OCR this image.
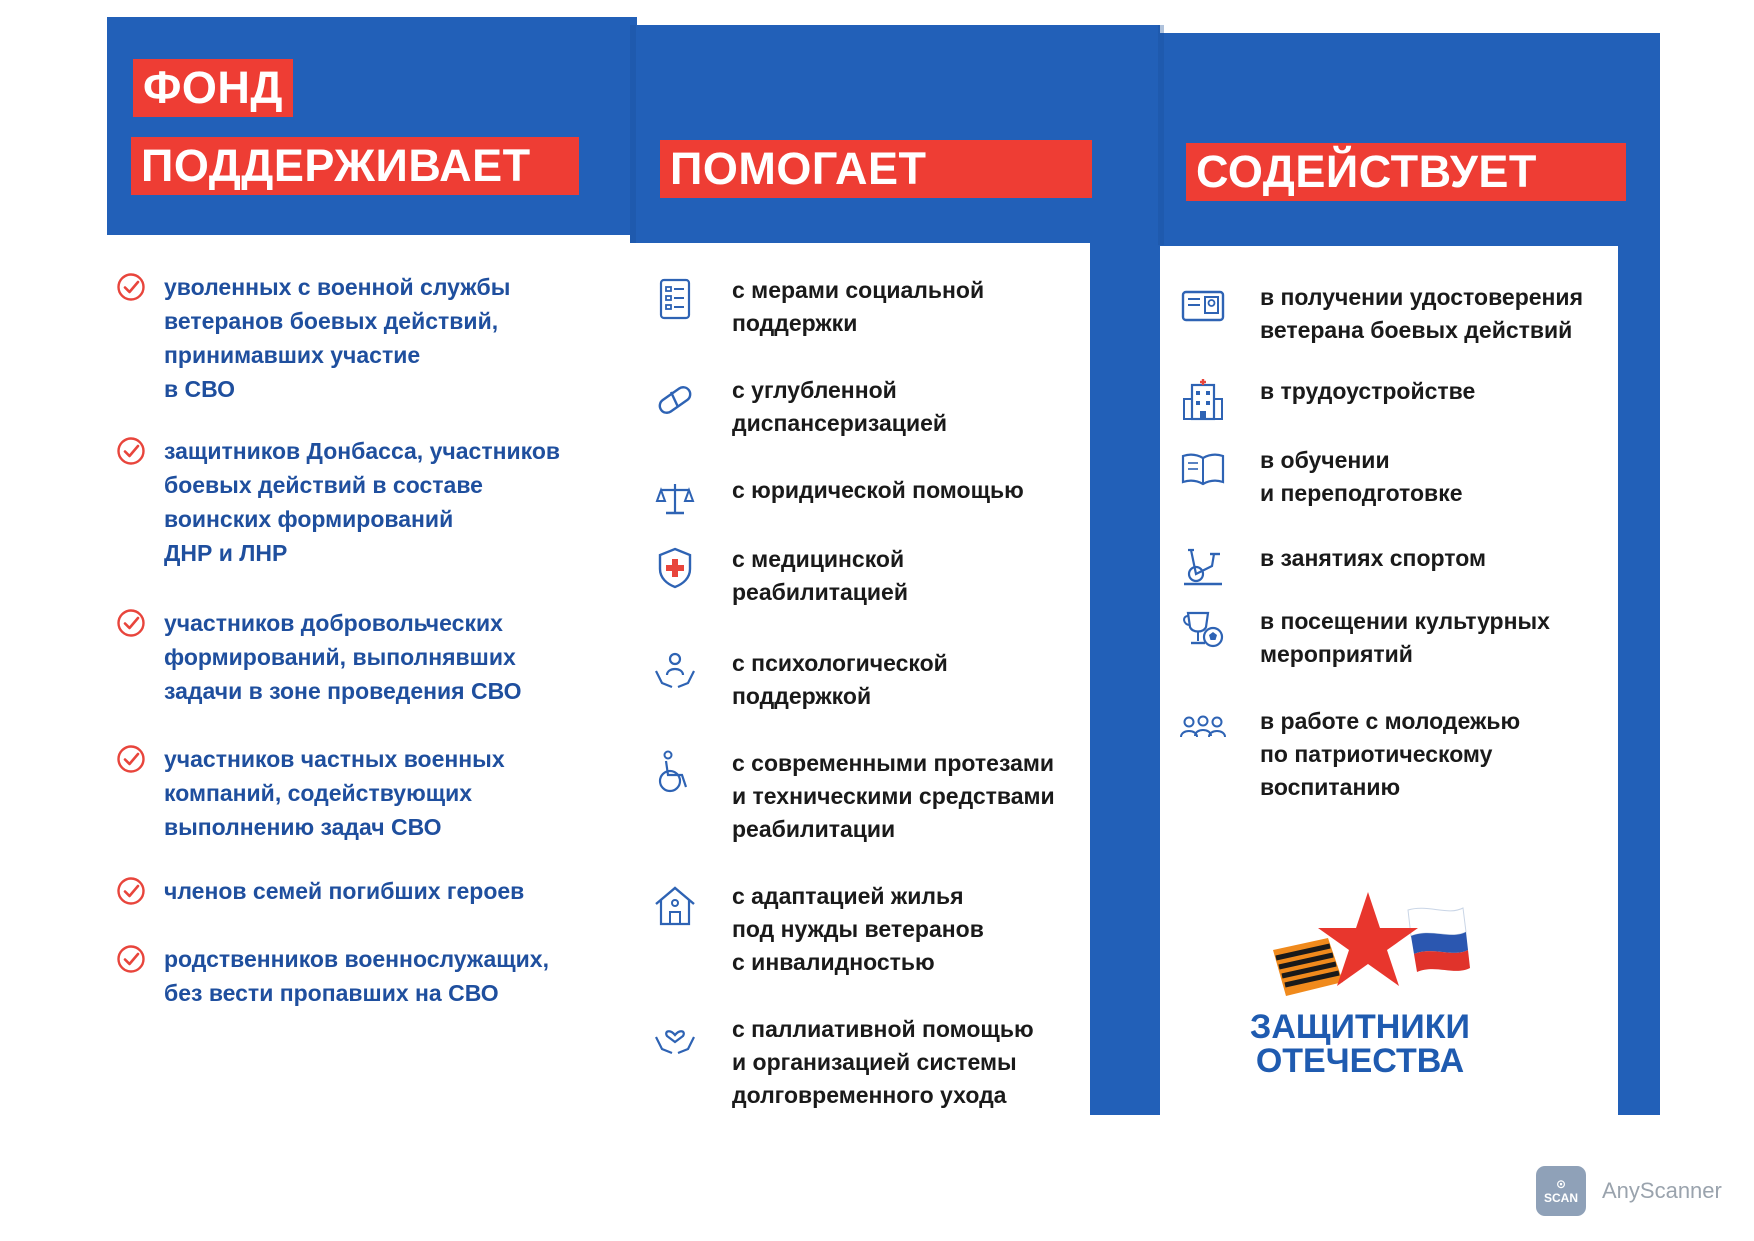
ФОНД
ПОДДЕРЖИВАЕТ	ПОМОГАЕТ	СОДЕЙСТВУЕТ
уволенных с военной службы
ветеранов боевых действий,
принимавших участие
в СВО
защитников Донбасса, участников
боевых действий в составе
воинских формирований
ДНР и ЛНР
участников добровольческих
формирований, выполнявших
задачи в зоне проведения СВО
участников частных военных
компаний, содействующих
выполнению задач СВО
членов семей погибших героев
родственников военнослужащих,
без вести пропавших на СВО
с мерами социальной
поддержки
с углубленной
диспансеризацией
с юридической помощью
с медицинской
реабилитацией
с психологической
поддержкой
с современными протезами
и техническими средствами
реабилитации
с адаптацией жилья
под нужды ветеранов
с инвалидностью
с паллиативной помощью
и организацией системы
долговременного ухода
в получении удостоверения
ветерана боевых действий
в трудоустройстве
в обучении
и переподготовке
в занятиях спортом
в посещении культурных
мероприятий
в работе с молодежью
по патриотическому
воспитанию
ЗАЩИТНИКИ
ОТЕЧЕСТВА
⊙
SCAN	AnyScanner
